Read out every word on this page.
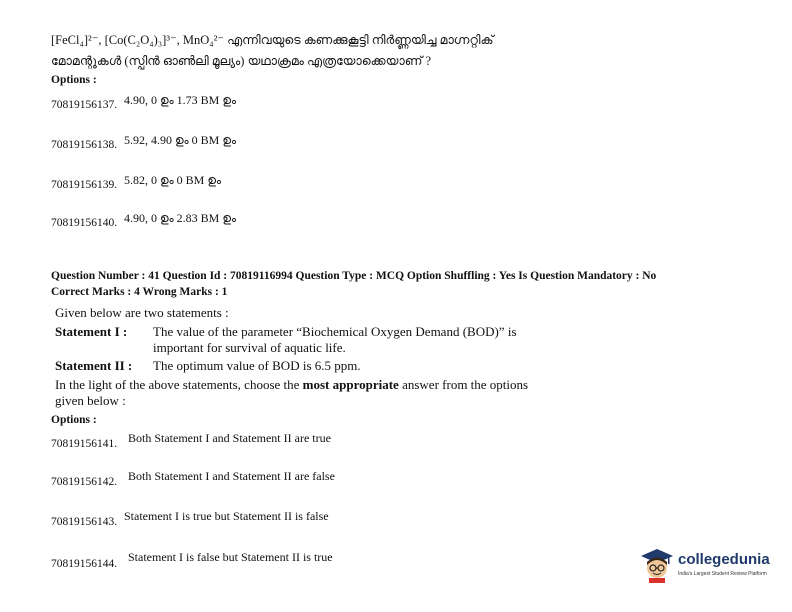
[FeCl₄]²⁻, [Co(C₂O₄)₃]³⁻, MnO₄²⁻ എന്നിവയുടെ കണക്കുകൂട്ടി നിർണ്ണയിച്ച മാഗ്നറ്റിക്
മോമന്റുകൾ (സ്പിൻ ഓൺലി മൂല്യം) യഥാക്രമം എത്രയോക്കെയാണ് ?
Options :
70819156137. 4.90, 0 ഉം 1.73 BM ഉം
70819156138. 5.92, 4.90 ഉം 0 BM ഉം
70819156139. 5.82, 0 ഉം 0 BM ഉം
70819156140. 4.90, 0 ഉം 2.83 BM ഉം
Question Number : 41 Question Id : 70819116994 Question Type : MCQ Option Shuffling : Yes Is Question Mandatory : No
Correct Marks : 4 Wrong Marks : 1
Given below are two statements :
Statement I : The value of the parameter “Biochemical Oxygen Demand (BOD)” is
important for survival of aquatic life.
Statement II : The optimum value of BOD is 6.5 ppm.
In the light of the above statements, choose the most appropriate answer from the options
given below :
Options :
70819156141. Both Statement I and Statement II are true
70819156142. Both Statement I and Statement II are false
70819156143. Statement I is true but Statement II is false
70819156144. Statement I is false but Statement II is true	collegedunia
India's Largest Student Review Platform
